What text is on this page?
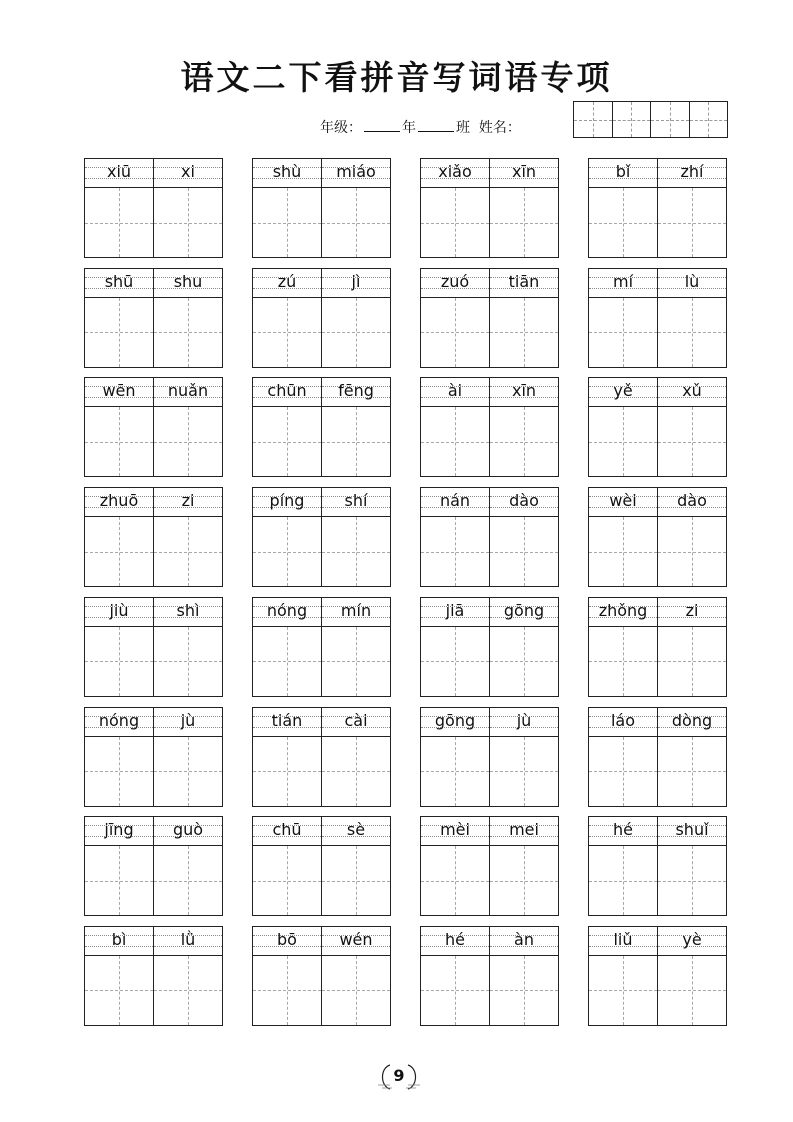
语文二下看拼音写词语专项
年级：	年	班 姓名：
xiū	xi	shù	miáo	xiǎo	xīn	bǐ	zhí
shū	shu	zú	jì	zuó	tiān	mí	lù
wēn	nuǎn	chūn	fēng	ài	xīn	yě	xǔ
zhuō	zi	píng	shí	nán	dào	wèi	dào
jiù	shì	nóng	mín	jiā	gōng	zhǒng	zi
nóng	jù	tián	cài	gōng	jù	láo	dòng
jīng	guò	chū	sè	mèi	mei	hé	shuǐ
bì	lǜ	bō	wén	hé	àn	liǔ	yè
9
